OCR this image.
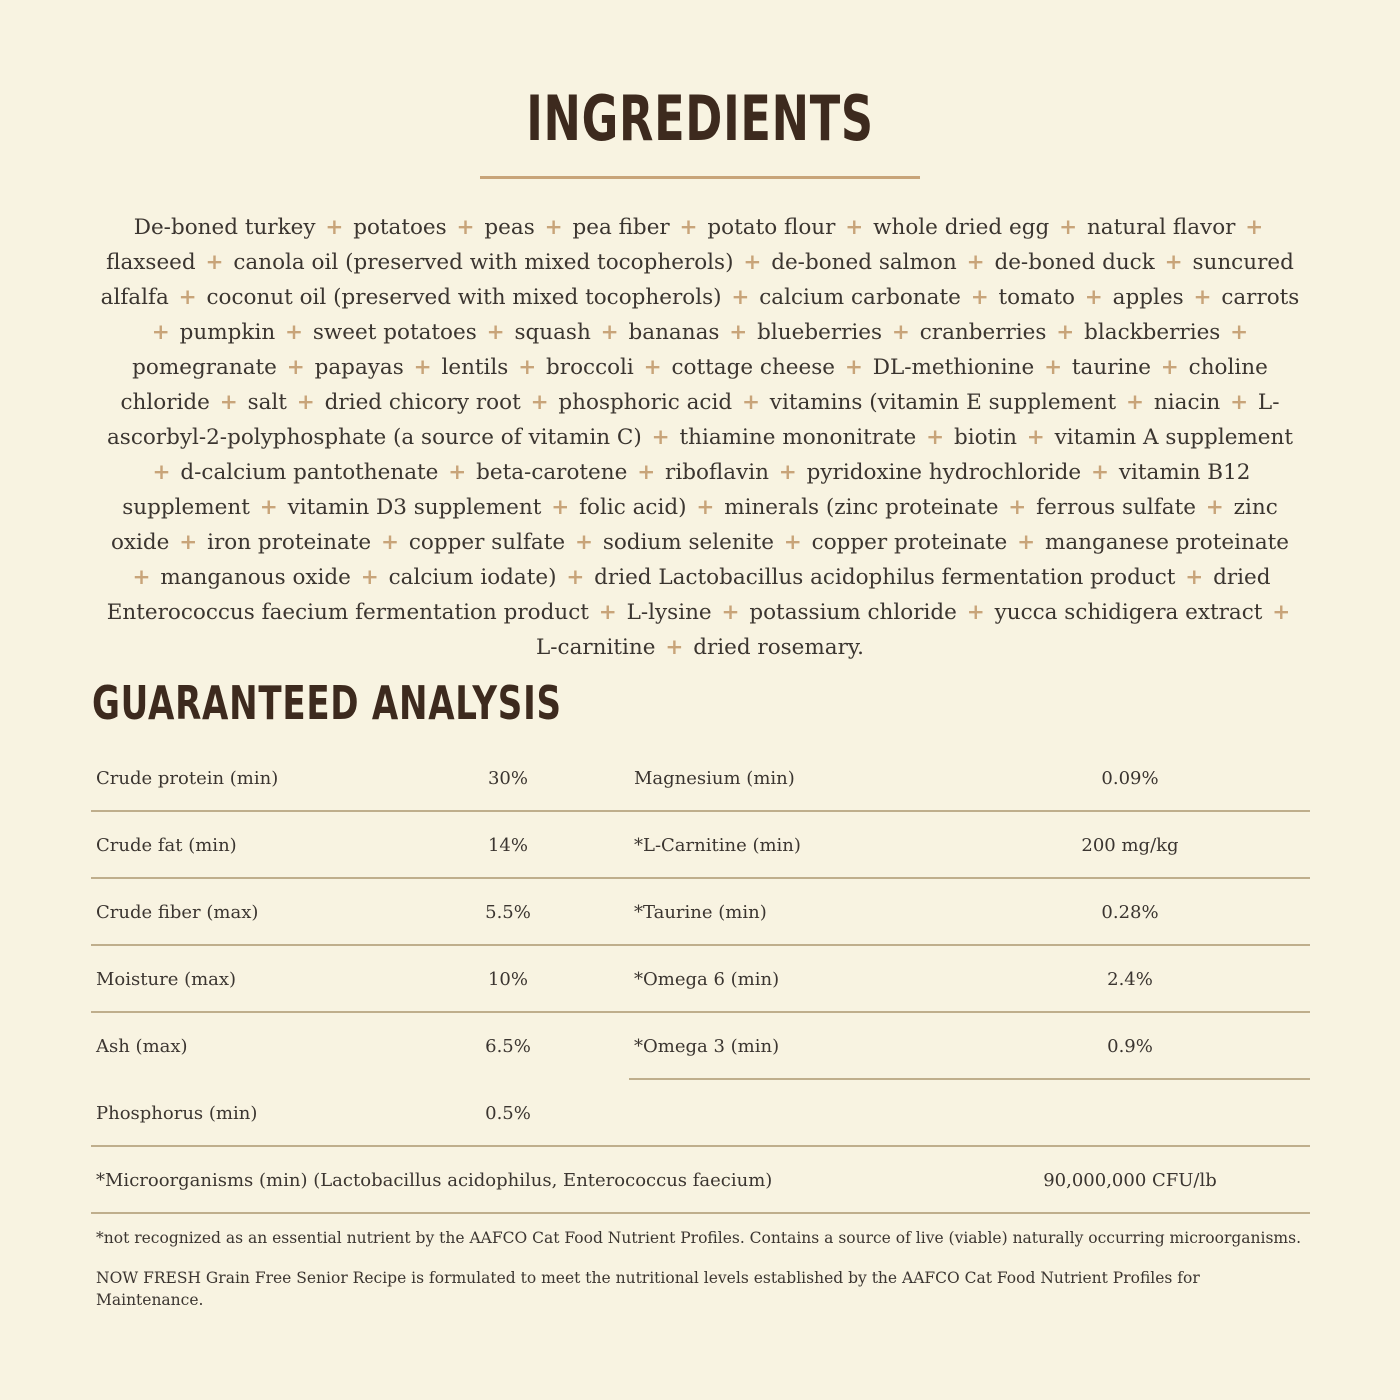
INGREDIENTS

De-boned turkey + potatoes + peas + pea fiber + potato flour + whole dried egg + natural flavor + flaxseed + canola oil (preserved with mixed tocopherols) + de-boned salmon + de-boned duck + suncured alfalfa + coconut oil (preserved with mixed tocopherols) + calcium carbonate + tomato + apples + carrots + pumpkin + sweet potatoes + squash + bananas + blueberries + cranberries + blackberries + pomegranate + papayas + lentils + broccoli + cottage cheese + DL-methionine + taurine + choline chloride + salt + dried chicory root + phosphoric acid + vitamins (vitamin E supplement + niacin + L-ascorbyl-2-polyphosphate (a source of vitamin C) + thiamine mononitrate + biotin + vitamin A supplement + d-calcium pantothenate + beta-carotene + riboflavin + pyridoxine hydrochloride + vitamin B12 supplement + vitamin D3 supplement + folic acid) + minerals (zinc proteinate + ferrous sulfate + zinc oxide + iron proteinate + copper sulfate + sodium selenite + copper proteinate + manganese proteinate + manganous oxide + calcium iodate) + dried Lactobacillus acidophilus fermentation product + dried Enterococcus faecium fermentation product + L-lysine + potassium chloride + yucca schidigera extract + L-carnitine + dried rosemary.

GUARANTEED ANALYSIS
Crude protein (min)	30%
Crude fat (min)	14%
Crude fiber (max)	5.5%
Moisture (max)	10%
Ash (max)	6.5%
Phosphorus (min)	0.5%
Magnesium (min)	0.09%
*L-Carnitine (min)	200 mg/kg
*Taurine (min)	0.28%
*Omega 6 (min)	2.4%
*Omega 3 (min)	0.9%
*Microorganisms (min) (Lactobacillus acidophilus, Enterococcus faecium)	90,000,000 CFU/lb

*not recognized as an essential nutrient by the AAFCO Cat Food Nutrient Profiles. Contains a source of live (viable) naturally occurring microorganisms.

NOW FRESH Grain Free Senior Recipe is formulated to meet the nutritional levels established by the AAFCO Cat Food Nutrient Profiles for Maintenance.
